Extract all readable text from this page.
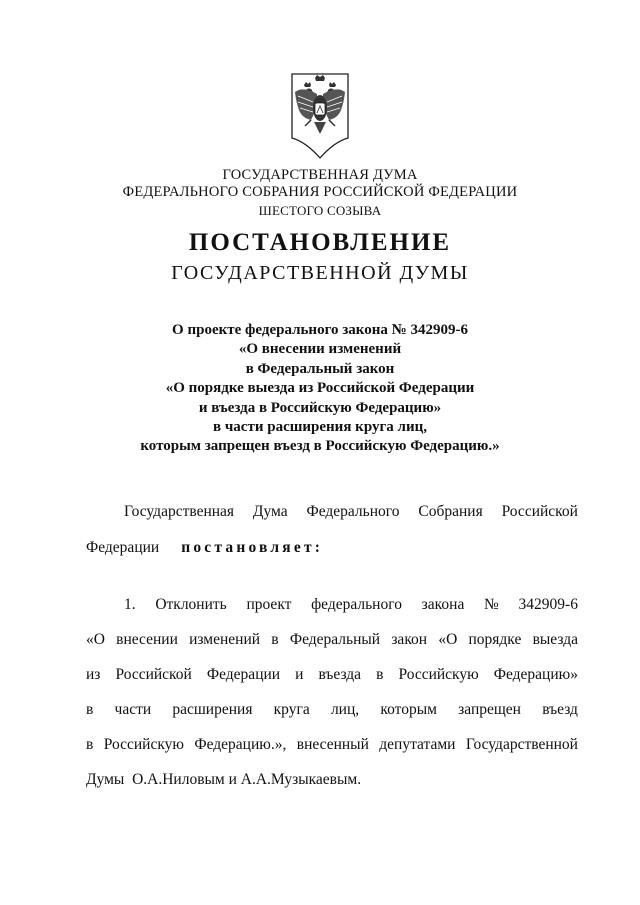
ГОСУДАРСТВЕННАЯ ДУМА
ФЕДЕРАЛЬНОГО СОБРАНИЯ РОССИЙСКОЙ ФЕДЕРАЦИИ
ШЕСТОГО СОЗЫВА
ПОСТАНОВЛЕНИЕ
ГОСУДАРСТВЕННОЙ ДУМЫ
О проекте федерального закона № 342909-6
«О внесении изменений
в Федеральный закон
«О порядке выезда из Российской Федерации
и въезда в Российскую Федерацию»
в части расширения круга лиц,
которым запрещен въезд в Российскую Федерацию.»
Государственная Дума Федерального Собрания Российской
Федерации постановляет:
1. Отклонить проект федерального закона № 342909-6
«О внесении изменений в Федеральный закон «О порядке выезда
из Российской Федерации и въезда в Российскую Федерацию»
в части расширения круга лиц, которым запрещен въезд
в Российскую Федерацию.», внесенный депутатами Государственной
Думы  О.А.Ниловым и А.А.Музыкаевым.
